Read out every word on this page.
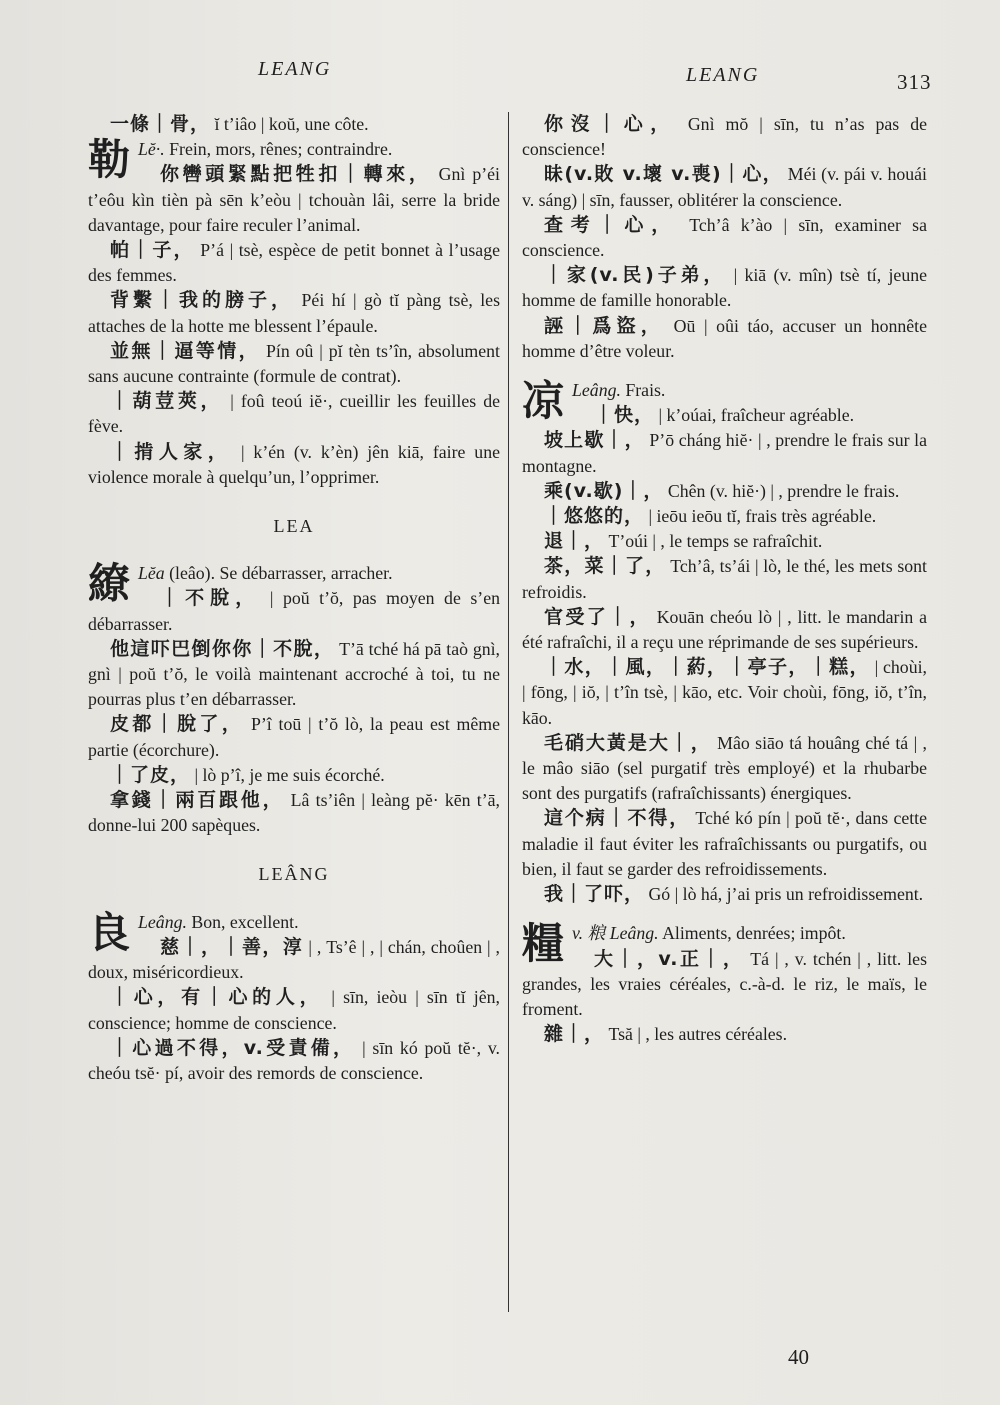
LEANG	LEANG	313
一條｜骨， ĭ t’iâo | koŭ, une côte.
勒 Lĕ·. Frein, mors, rênes; contraindre.
你轡頭緊點把牲扣｜轉來， Gnì p’éi t’eôu kìn tièn pà sēn k’eòu | tchouàn lâi, serre la bride davantage, pour faire reculer l’animal.
帕｜子， P’á | tsè, espèce de petit bonnet à l’usage des femmes.
背繫｜我的膀子， Péi hí | gò tĭ pàng tsè, les attaches de la hotte me blessent l’épaule.
並無｜逼等情， Pín oû | pĭ tèn ts’în, absolument sans aucune contrainte (formule de contrat).
｜葫荳莢， | foû teoú iĕ·, cueillir les feuilles de fève.
｜掯人家， | k’én (v. k’èn) jên kiā, faire une violence morale à quelqu’un, l’opprimer.
LEA
繚 Lĕa (leâo). Se débarrasser, arracher.
｜不脫， | poŭ t’ŏ, pas moyen de s’en débarrasser.
他這吓巴倒你你｜不脫， T’ā tché há pā taò gnì, gnì | poŭ t’ŏ, le voilà maintenant accroché à toi, tu ne pourras plus t’en débarrasser.
皮都｜脫了， P’î toū | t’ŏ lò, la peau est même partie (écorchure).
｜了皮， | lò p’î, je me suis écorché.
拿錢｜兩百跟他， Lâ ts’iên | leàng pĕ· kēn t’ā, donne-lui 200 sapèques.
LEÂNG
良 Leâng. Bon, excellent.
慈｜，｜善，淳 | , Ts’ê | , | chán, choûen | , doux, miséricordieux.
｜心，有｜心的人， | sīn, ieòu | sīn tĭ jên, conscience; homme de conscience.
｜心過不得，v.受責備， | sīn kó poŭ tĕ·, v. cheóu tsĕ· pí, avoir des remords de conscience.
你沒｜心， Gnì mŏ | sīn, tu n’as pas de conscience!
昧(v.敗 v.壞 v.喪)｜心， Méi (v. pái v. houái v. sáng) | sīn, fausser, oblitérer la conscience.
查考｜心， Tch’â k’ào | sīn, examiner sa conscience.
｜家(v.民)子弟， | kiā (v. mîn) tsè tí, jeune homme de famille honorable.
誣｜爲盜， Oū | oûi táo, accuser un honnête homme d’être voleur.
凉 Leâng. Frais.
｜快， | k’oúai, fraîcheur agréable.
坡上歇｜， P’ō cháng hiĕ· | , prendre le frais sur la montagne.
乘(v.歇)｜， Chên (v. hiĕ·) | , prendre le frais.
｜悠悠的， | ieōu ieōu tĭ, frais très agréable.
退｜， T’oúi | , le temps se rafraîchit.
茶，菜｜了， Tch’â, ts’ái | lò, le thé, les mets sont refroidis.
官受了｜， Kouān cheóu lò | , litt. le mandarin a été rafraîchi, il a reçu une réprimande de ses supérieurs.
｜水，｜風，｜葯，｜亭子，｜糕， | choùi, | fōng, | iŏ, | t’în tsè, | kāo, etc. Voir choùi, fōng, iŏ, t’în, kāo.
毛硝大黃是大｜， Mâo siāo tá houâng ché tá | , le mâo siāo (sel purgatif très employé) et la rhubarbe sont des purgatifs (rafraîchissants) énergiques.
這个病｜不得， Tché kó pín | poŭ tĕ·, dans cette maladie il faut éviter les rafraîchissants ou purgatifs, ou bien, il faut se garder des refroidissements.
我｜了吓， Gó | lò há, j’ai pris un refroidissement.
糧v. 粮 Leâng. Aliments, denrées; impôt.
大｜，v.正｜， Tá | , v. tchén | , litt. les grandes, les vraies céréales, c.-à-d. le riz, le maïs, le froment.
雜｜， Tsă | , les autres céréales.
40
